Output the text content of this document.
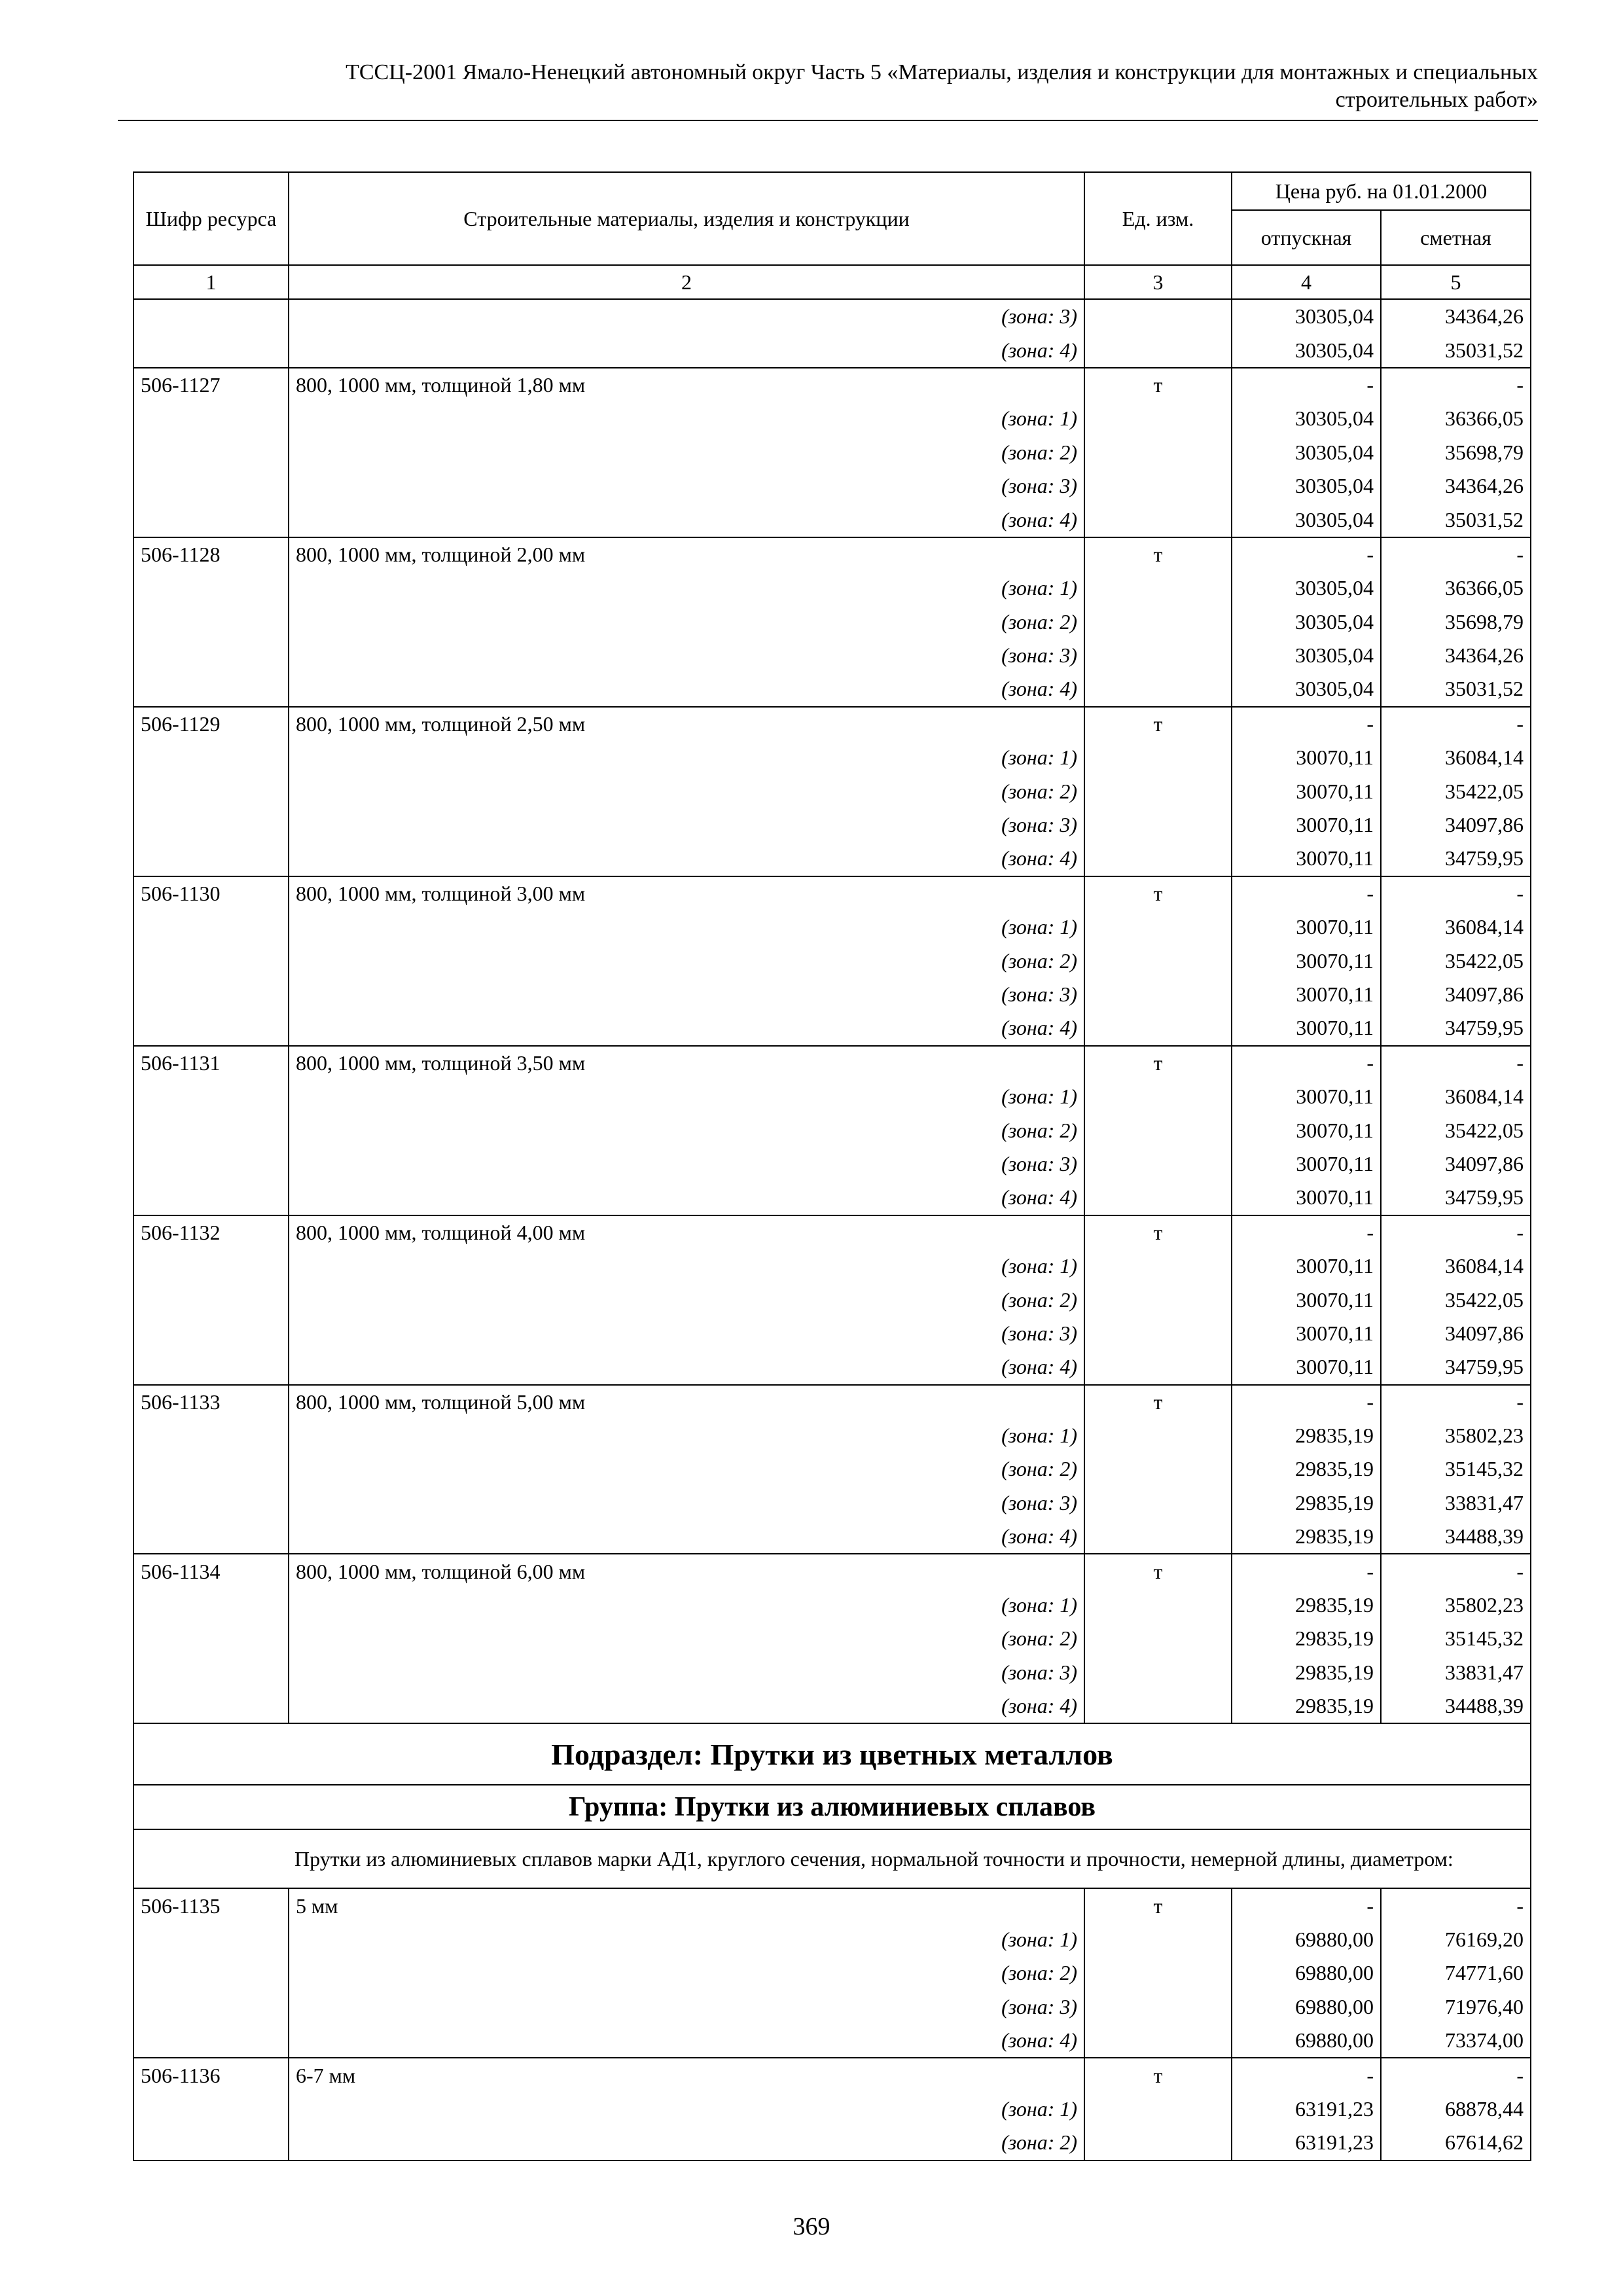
ТССЦ-2001 Ямало-Ненецкий автономный округ Часть 5 «Материалы, изделия и конструкции для монтажных и специальных
строительных работ»
Шифр ресурса	Строительные материалы, изделия и конструкции	Ед. изм.	Цена руб. на 01.01.2000	
			отпускная	сметная
1	2	3	4	5
	(зона: 3)		30305,04	34364,26
	(зона: 4)		30305,04	35031,52
506-1127	800, 1000 мм, толщиной 1,80 мм	т	-	-
	(зона: 1)		30305,04	36366,05
	(зона: 2)		30305,04	35698,79
	(зона: 3)		30305,04	34364,26
	(зона: 4)		30305,04	35031,52
506-1128	800, 1000 мм, толщиной 2,00 мм	т	-	-
	(зона: 1)		30305,04	36366,05
	(зона: 2)		30305,04	35698,79
	(зона: 3)		30305,04	34364,26
	(зона: 4)		30305,04	35031,52
506-1129	800, 1000 мм, толщиной 2,50 мм	т	-	-
	(зона: 1)		30070,11	36084,14
	(зона: 2)		30070,11	35422,05
	(зона: 3)		30070,11	34097,86
	(зона: 4)		30070,11	34759,95
506-1130	800, 1000 мм, толщиной 3,00 мм	т	-	-
	(зона: 1)		30070,11	36084,14
	(зона: 2)		30070,11	35422,05
	(зона: 3)		30070,11	34097,86
	(зона: 4)		30070,11	34759,95
506-1131	800, 1000 мм, толщиной 3,50 мм	т	-	-
	(зона: 1)		30070,11	36084,14
	(зона: 2)		30070,11	35422,05
	(зона: 3)		30070,11	34097,86
	(зона: 4)		30070,11	34759,95
506-1132	800, 1000 мм, толщиной 4,00 мм	т	-	-
	(зона: 1)		30070,11	36084,14
	(зона: 2)		30070,11	35422,05
	(зона: 3)		30070,11	34097,86
	(зона: 4)		30070,11	34759,95
506-1133	800, 1000 мм, толщиной 5,00 мм	т	-	-
	(зона: 1)		29835,19	35802,23
	(зона: 2)		29835,19	35145,32
	(зона: 3)		29835,19	33831,47
	(зона: 4)		29835,19	34488,39
506-1134	800, 1000 мм, толщиной 6,00 мм	т	-	-
	(зона: 1)		29835,19	35802,23
	(зона: 2)		29835,19	35145,32
	(зона: 3)		29835,19	33831,47
	(зона: 4)		29835,19	34488,39
Подраздел: Прутки из цветных металлов				
Группа: Прутки из алюминиевых сплавов				
Прутки из алюминиевых сплавов марки АД1, круглого сечения, нормальной точности и прочности, немерной длины, диаметром:				
506-1135	5 мм	т	-	-
	(зона: 1)		69880,00	76169,20
	(зона: 2)		69880,00	74771,60
	(зона: 3)		69880,00	71976,40
	(зона: 4)		69880,00	73374,00
506-1136	6-7 мм	т	-	-
	(зона: 1)		63191,23	68878,44
	(зона: 2)		63191,23	67614,62
369
